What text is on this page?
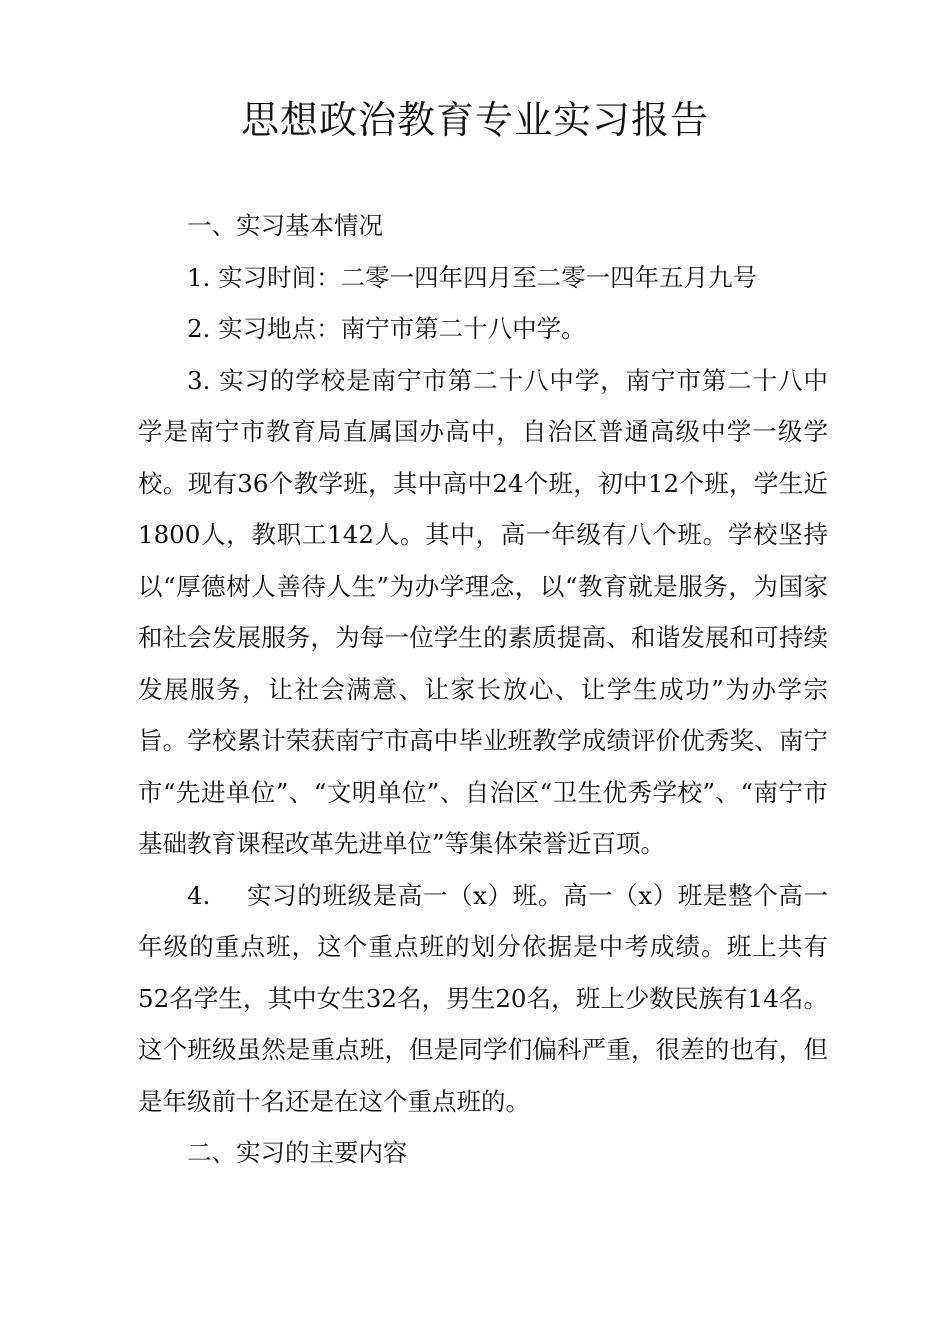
思想政治教育专业实习报告

一、实习基本情况

1. 实习时间：二零一四年四月至二零一四年五月九号

2. 实习地点：南宁市第二十八中学。

3. 实习的学校是南宁市第二十八中学，南宁市第二十八中学是南宁市教育局直属国办高中，自治区普通高级中学一级学校。现有36个教学班，其中高中24个班，初中12个班，学生近1800人，教职工142人。其中，高一年级有八个班。学校坚持以“厚德树人善待人生”为办学理念，以“教育就是服务，为国家和社会发展服务，为每一位学生的素质提高、和谐发展和可持续发展服务，让社会满意、让家长放心、让学生成功”为办学宗旨。学校累计荣获南宁市高中毕业班教学成绩评价优秀奖、南宁市“先进单位”、“文明单位”、自治区“卫生优秀学校”、“南宁市基础教育课程改革先进单位”等集体荣誉近百项。

4. 实习的班级是高一（x）班。高一（x）班是整个高一年级的重点班，这个重点班的划分依据是中考成绩。班上共有52名学生，其中女生32名，男生20名，班上少数民族有14名。这个班级虽然是重点班，但是同学们偏科严重，很差的也有，但是年级前十名还是在这个重点班的。

二、实习的主要内容
